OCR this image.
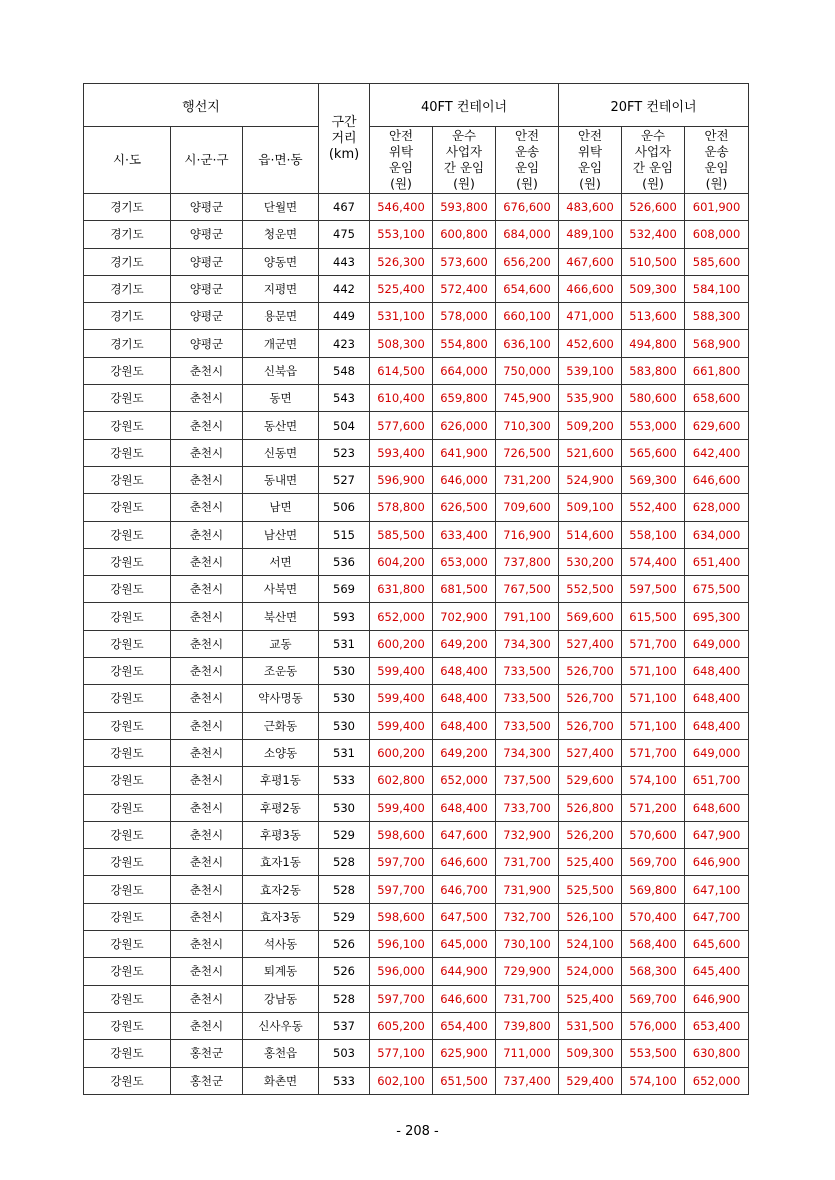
행선지			구간
거리
(km)	40FT 컨테이너			20FT 컨테이너		
시·도	시·군·구	읍·면·동		안전
위탁
운임
(원)	운수
사업자
간 운임
(원)	안전
운송
운임
(원)	안전
위탁
운임
(원)	운수
사업자
간 운임
(원)	안전
운송
운임
(원)

경기도	양평군	단월면	467	546,400	593,800	676,600	483,600	526,600	601,900
경기도	양평군	청운면	475	553,100	600,800	684,000	489,100	532,400	608,000
경기도	양평군	양동면	443	526,300	573,600	656,200	467,600	510,500	585,600
경기도	양평군	지평면	442	525,400	572,400	654,600	466,600	509,300	584,100
경기도	양평군	용문면	449	531,100	578,000	660,100	471,000	513,600	588,300
경기도	양평군	개군면	423	508,300	554,800	636,100	452,600	494,800	568,900
강원도	춘천시	신북읍	548	614,500	664,000	750,000	539,100	583,800	661,800
강원도	춘천시	동면	543	610,400	659,800	745,900	535,900	580,600	658,600
강원도	춘천시	동산면	504	577,600	626,000	710,300	509,200	553,000	629,600
강원도	춘천시	신동면	523	593,400	641,900	726,500	521,600	565,600	642,400
강원도	춘천시	동내면	527	596,900	646,000	731,200	524,900	569,300	646,600
강원도	춘천시	남면	506	578,800	626,500	709,600	509,100	552,400	628,000
강원도	춘천시	남산면	515	585,500	633,400	716,900	514,600	558,100	634,000
강원도	춘천시	서면	536	604,200	653,000	737,800	530,200	574,400	651,400
강원도	춘천시	사북면	569	631,800	681,500	767,500	552,500	597,500	675,500
강원도	춘천시	북산면	593	652,000	702,900	791,100	569,600	615,500	695,300
강원도	춘천시	교동	531	600,200	649,200	734,300	527,400	571,700	649,000
강원도	춘천시	조운동	530	599,400	648,400	733,500	526,700	571,100	648,400
강원도	춘천시	약사명동	530	599,400	648,400	733,500	526,700	571,100	648,400
강원도	춘천시	근화동	530	599,400	648,400	733,500	526,700	571,100	648,400
강원도	춘천시	소양동	531	600,200	649,200	734,300	527,400	571,700	649,000
강원도	춘천시	후평1동	533	602,800	652,000	737,500	529,600	574,100	651,700
강원도	춘천시	후평2동	530	599,400	648,400	733,700	526,800	571,200	648,600
강원도	춘천시	후평3동	529	598,600	647,600	732,900	526,200	570,600	647,900
강원도	춘천시	효자1동	528	597,700	646,600	731,700	525,400	569,700	646,900
강원도	춘천시	효자2동	528	597,700	646,700	731,900	525,500	569,800	647,100
강원도	춘천시	효자3동	529	598,600	647,500	732,700	526,100	570,400	647,700
강원도	춘천시	석사동	526	596,100	645,000	730,100	524,100	568,400	645,600
강원도	춘천시	퇴계동	526	596,000	644,900	729,900	524,000	568,300	645,400
강원도	춘천시	강남동	528	597,700	646,600	731,700	525,400	569,700	646,900
강원도	춘천시	신사우동	537	605,200	654,400	739,800	531,500	576,000	653,400
강원도	홍천군	홍천읍	503	577,100	625,900	711,000	509,300	553,500	630,800
강원도	홍천군	화촌면	533	602,100	651,500	737,400	529,400	574,100	652,000
- 208 -
